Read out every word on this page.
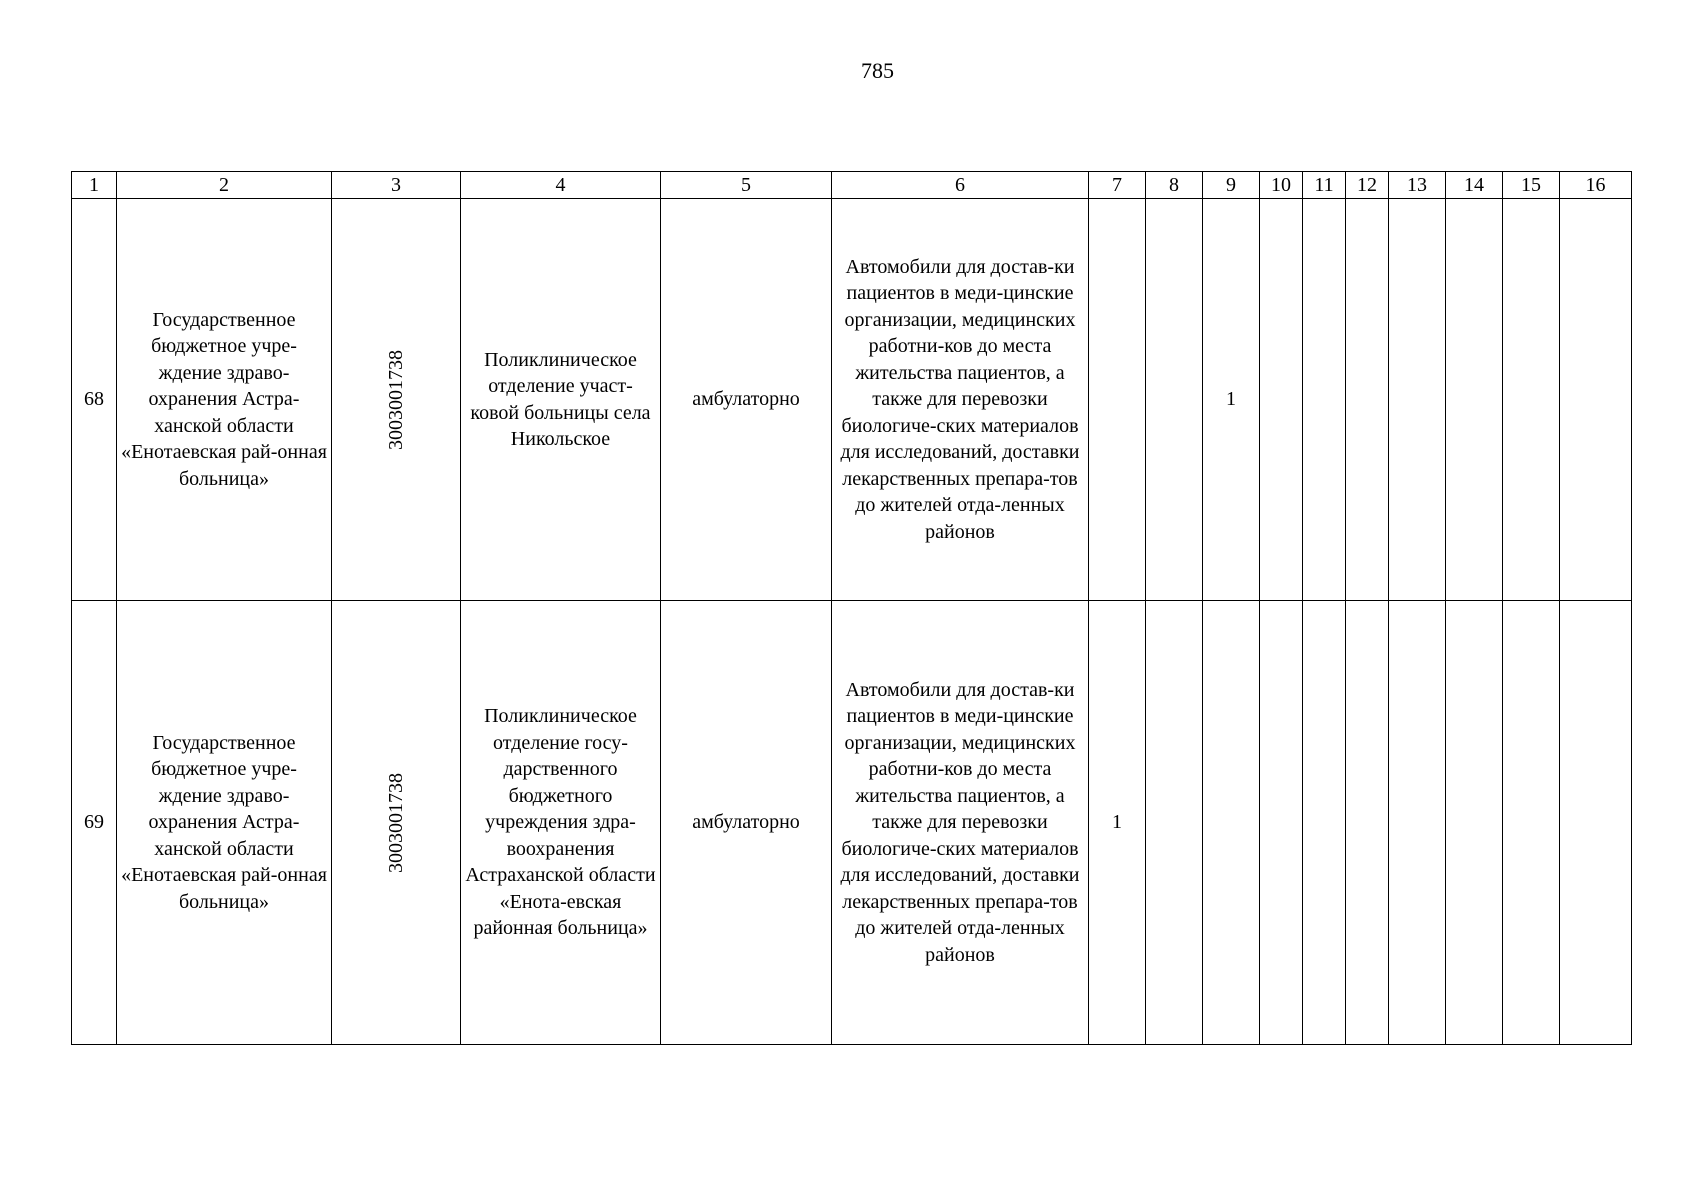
785
1	2	3	4	5	6	7	8	9	10	11	12	13	14	15	16
68	Государственное бюджетное учре-ждение здраво-охранения Астра-ханской области «Енотаевская рай-онная больница»	3003001738	Поликлиническое отделение участ-ковой больницы села Никольское	амбулаторно	Автомобили для достав-ки пациентов в меди-цинские организации, медицинских работни-ков до места жительства пациентов, а также для перевозки биологиче-ских материалов для исследований, доставки лекарственных препара-тов до жителей отда-ленных районов			1							
69	Государственное бюджетное учре-ждение здраво-охранения Астра-ханской области «Енотаевская рай-онная больница»	3003001738	Поликлиническое отделение госу-дарственного бюджетного учреждения здра-воохранения Астраханской области «Енота-евская районная больница»	амбулаторно	Автомобили для достав-ки пациентов в меди-цинские организации, медицинских работни-ков до места жительства пациентов, а также для перевозки биологиче-ских материалов для исследований, доставки лекарственных препара-тов до жителей отда-ленных районов	1									
